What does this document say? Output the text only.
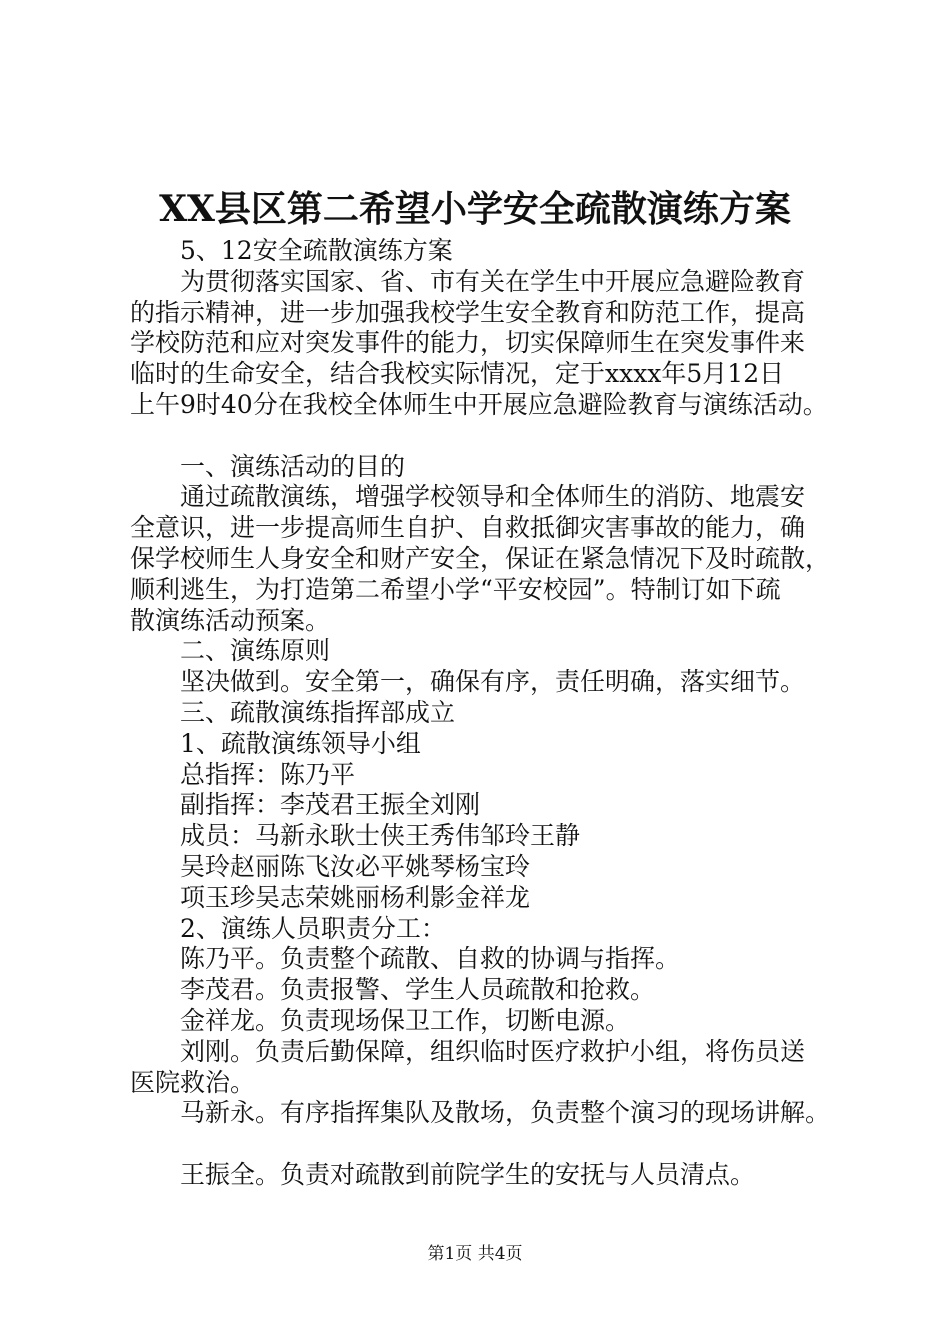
XX县区第二希望小学安全疏散演练方案
5、12安全疏散演练方案
为贯彻落实国家、省、市有关在学生中开展应急避险教育
的指示精神，进一步加强我校学生安全教育和防范工作，提高
学校防范和应对突发事件的能力，切实保障师生在突发事件来
临时的生命安全，结合我校实际情况，定于xxxx年5月12日
上午9时40分在我校全体师生中开展应急避险教育与演练活动。
一、演练活动的目的
通过疏散演练，增强学校领导和全体师生的消防、地震安
全意识，进一步提高师生自护、自救抵御灾害事故的能力，确
保学校师生人身安全和财产安全，保证在紧急情况下及时疏散，
顺利逃生，为打造第二希望小学“平安校园”。特制订如下疏
散演练活动预案。
二、演练原则
坚决做到。安全第一，确保有序，责任明确，落实细节。
三、疏散演练指挥部成立
1、疏散演练领导小组
总指挥：陈乃平
副指挥：李茂君王振全刘刚
成员：马新永耿士侠王秀伟邹玲王静
吴玲赵丽陈飞汝必平姚琴杨宝玲
项玉珍吴志荣姚丽杨利影金祥龙
2、演练人员职责分工：
陈乃平。负责整个疏散、自救的协调与指挥。
李茂君。负责报警、学生人员疏散和抢救。
金祥龙。负责现场保卫工作，切断电源。
刘刚。负责后勤保障，组织临时医疗救护小组，将伤员送
医院救治。
马新永。有序指挥集队及散场，负责整个演习的现场讲解。
王振全。负责对疏散到前院学生的安抚与人员清点。
第1页 共4页
